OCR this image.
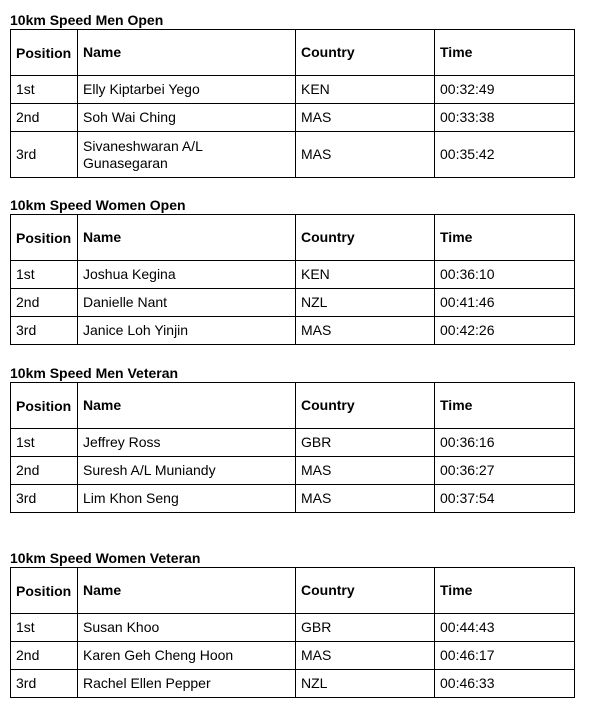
10km Speed Men Open
Position	Name	Country	Time
1st	Elly Kiptarbei Yego	KEN	00:32:49
2nd	Soh Wai Ching	MAS	00:33:38
3rd	Sivaneshwaran A/L Gunasegaran	MAS	00:35:42
10km Speed Women Open
Position	Name	Country	Time
1st	Joshua Kegina	KEN	00:36:10
2nd	Danielle Nant	NZL	00:41:46
3rd	Janice Loh Yinjin	MAS	00:42:26
10km Speed Men Veteran
Position	Name	Country	Time
1st	Jeffrey Ross	GBR	00:36:16
2nd	Suresh A/L Muniandy	MAS	00:36:27
3rd	Lim Khon Seng	MAS	00:37:54
10km Speed Women Veteran
Position	Name	Country	Time
1st	Susan Khoo	GBR	00:44:43
2nd	Karen Geh Cheng Hoon	MAS	00:46:17
3rd	Rachel Ellen Pepper	NZL	00:46:33
